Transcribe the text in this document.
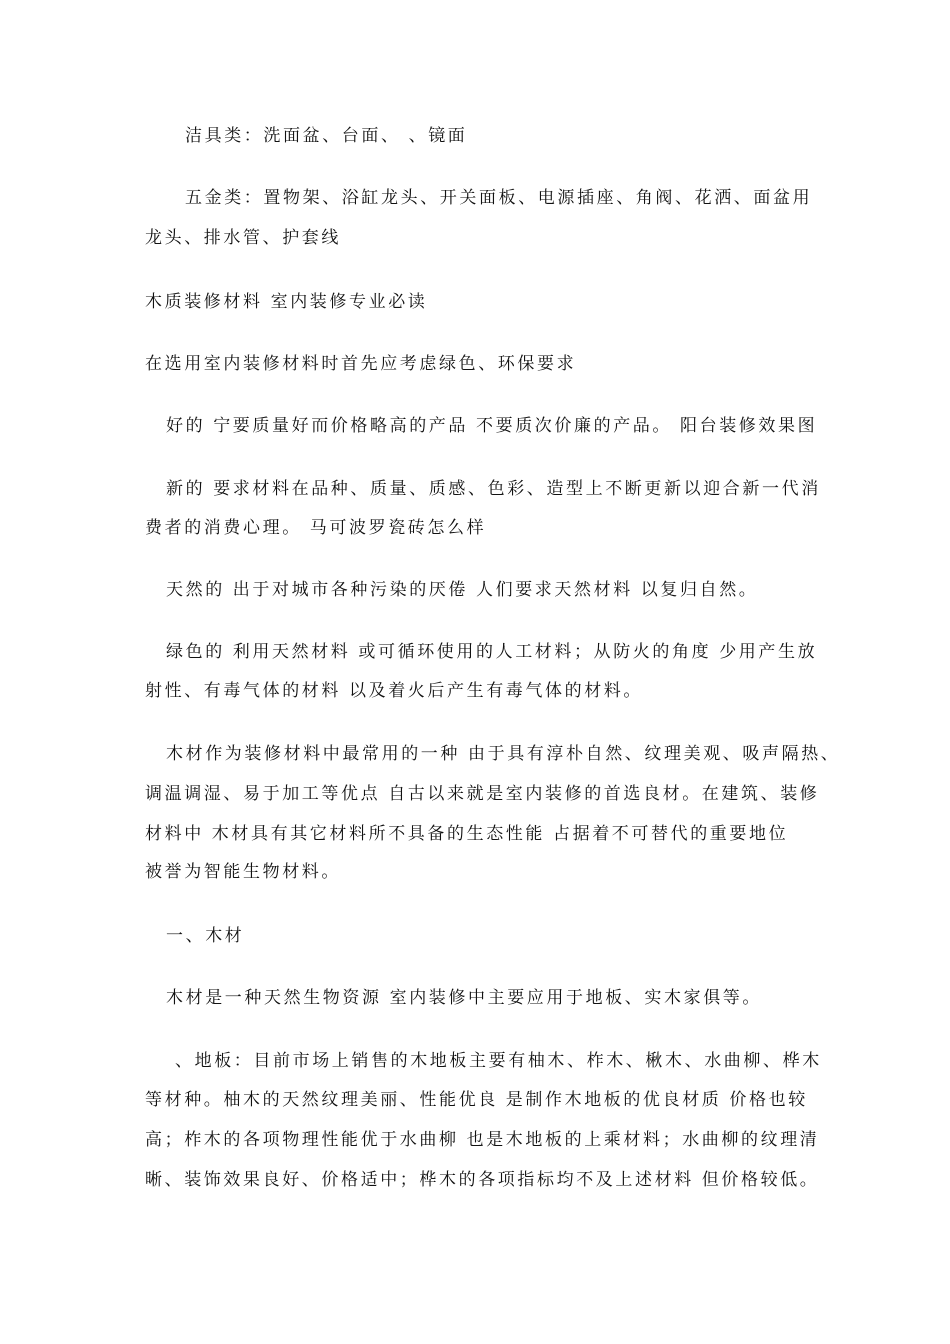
洁具类：洗面盆、台面、 、镜面
五金类：置物架、浴缸龙头、开关面板、电源插座、角阀、花洒、面盆用
龙头、排水管、护套线
木质装修材料 室内装修专业必读
在选用室内装修材料时首先应考虑绿色、环保要求
好的 宁要质量好而价格略高的产品 不要质次价廉的产品。 阳台装修效果图
新的 要求材料在品种、质量、质感、色彩、造型上不断更新以迎合新一代消
费者的消费心理。 马可波罗瓷砖怎么样
天然的 出于对城市各种污染的厌倦 人们要求天然材料 以复归自然。
绿色的 利用天然材料 或可循环使用的人工材料；从防火的角度 少用产生放
射性、有毒气体的材料 以及着火后产生有毒气体的材料。
木材作为装修材料中最常用的一种 由于具有淳朴自然、纹理美观、吸声隔热、
调温调湿、易于加工等优点 自古以来就是室内装修的首选良材。在建筑、装修
材料中 木材具有其它材料所不具备的生态性能 占据着不可替代的重要地位
被誉为智能生物材料。
一、木材
木材是一种天然生物资源 室内装修中主要应用于地板、实木家俱等。
、地板：目前市场上销售的木地板主要有柚木、柞木、楸木、水曲柳、桦木
等材种。柚木的天然纹理美丽、性能优良 是制作木地板的优良材质 价格也较
高；柞木的各项物理性能优于水曲柳 也是木地板的上乘材料；水曲柳的纹理清
晰、装饰效果良好、价格适中；桦木的各项指标均不及上述材料 但价格较低。
